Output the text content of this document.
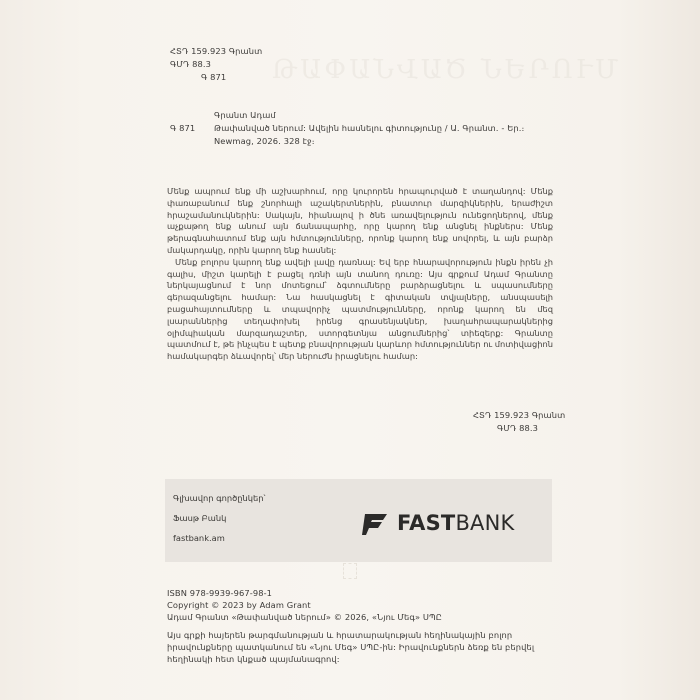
ԹԱՓԱՆՎԱԾ ՆԵՐՈՒՄ
ՀՏԴ 159.923 Գրանտ
ԳՄԴ 88.3
Գ 871
Գրանտ Ադամ
Գ 871 Թափանված ներում: Ավելին հասնելու գիտությունը / Ա. Գրանտ․ - Եր.։
Newmag, 2026․ 328 էջ։

Մենք ապրում ենք մի աշխարհում, որը կուրորեն հրապուրված է տաղանդով: Մենք փառաբանում ենք շնորհալի աշակերտներին, բնատուր մարզիկներին, երաժիշտ հրաշամանուկներին: Սակայն, հիանալով ի ծնե առավելություն ունեցողներով, մենք աչքաթող ենք անում այն ճանապարհը, որը կարող ենք անցնել ինքներս: Մենք թերագնահատում ենք այն հմտությունները, որոնք կարող ենք սովորել, և այն բարձր մակարդակը, որին կարող ենք հասնել:

Մենք բոլորս կարող ենք ավելի լավը դառնալ: Եվ երբ հնարավորություն ինքն իրեն չի գալիս, միշտ կարելի է բացել դռնի այն տանող դուռը: Այս գրքում Ադամ Գրանտը ներկայացնում է նոր մոտեցում՝ ձգտումները բարձրացնելու և սպասումները գերազանցելու համար: Նա հասկացնել է գիտական տվյալները, անսպասելի բացահայտումները և տպավորիչ պատմությունները, որոնք կարող են մեզ լսարաններից տեղափոխել իրենց գրասենյակներ, խաղահրապարակներից օլիմպիական մարզադաշտեր, ստորգետնյա անցումներից՝ տիեզերք: Գրանտը պատմում է, թե ինչպես է պետք բնավորության կարևոր հմտություններ ու մոտիվացիոն համակարգեր ձևավորել՝ մեր ներուժն իրացնելու համար:

ՀՏԴ 159.923 Գրանտ
ԳՄԴ 88.3
Գլխավոր գործընկեր՝
Ֆասթ Բանկ
fastbank.am
FASTBANK
ISBN 978-9939-967-98-1
Copyright © 2023 by Adam Grant
Ադամ Գրանտ «Թափանված ներում» © 2026, «Նյու Մեգ» ՍՊԸ
Այս գրքի hայերեն թարգմանության և հրատարակության հեղինակային բոլոր
իրավունքները պատկանում են «Նյու Մեգ» ՍՊԸ-ին: Իրավունքներն ձեռք են բերվել
հեղինակի հետ կնքած պայմանագրով:
